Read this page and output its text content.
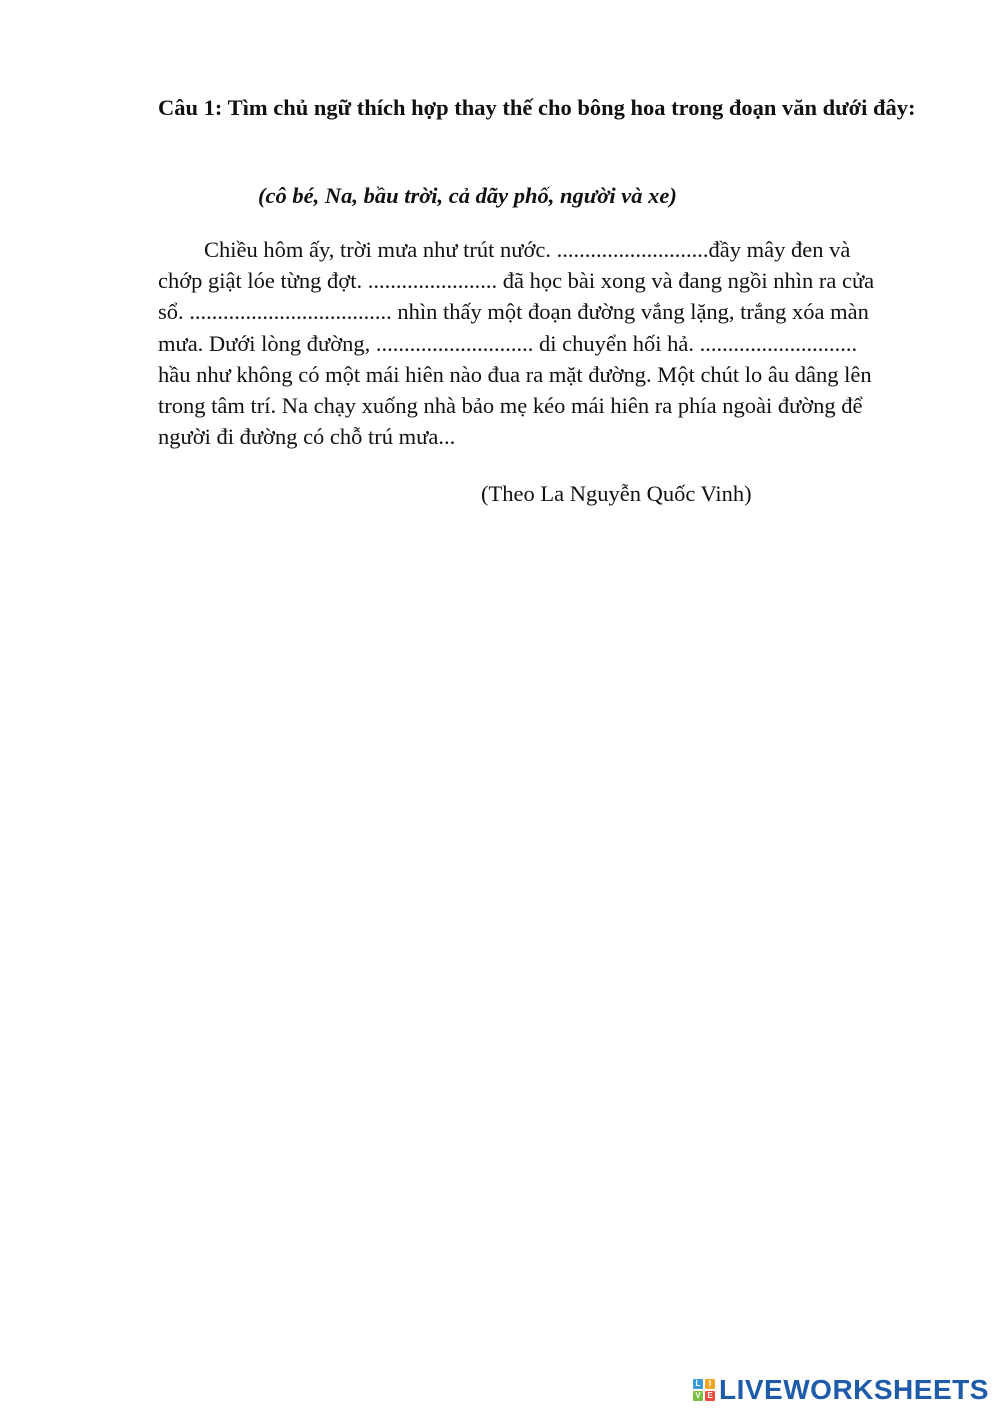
Câu 1: Tìm chủ ngữ thích hợp thay thế cho bông hoa trong đoạn văn dưới đây:
(cô bé, Na, bầu trời, cả dãy phố, người và xe)
Chiều hôm ấy, trời mưa như trút nước. ...........................đầy mây đen và
chớp giật lóe từng đợt. ....................... đã học bài xong và đang ngồi nhìn ra cửa
sổ. .................................... nhìn thấy một đoạn đường vắng lặng, trắng xóa màn
mưa. Dưới lòng đường, ............................ di chuyển hối hả. ............................
hầu như không có một mái hiên nào đua ra mặt đường. Một chút lo âu dâng lên
trong tâm trí. Na chạy xuống nhà bảo mẹ kéo mái hiên ra phía ngoài đường để
người đi đường có chỗ trú mưa...
(Theo La Nguyễn Quốc Vinh)
L	I
V E LIVEWORKSHEETS
